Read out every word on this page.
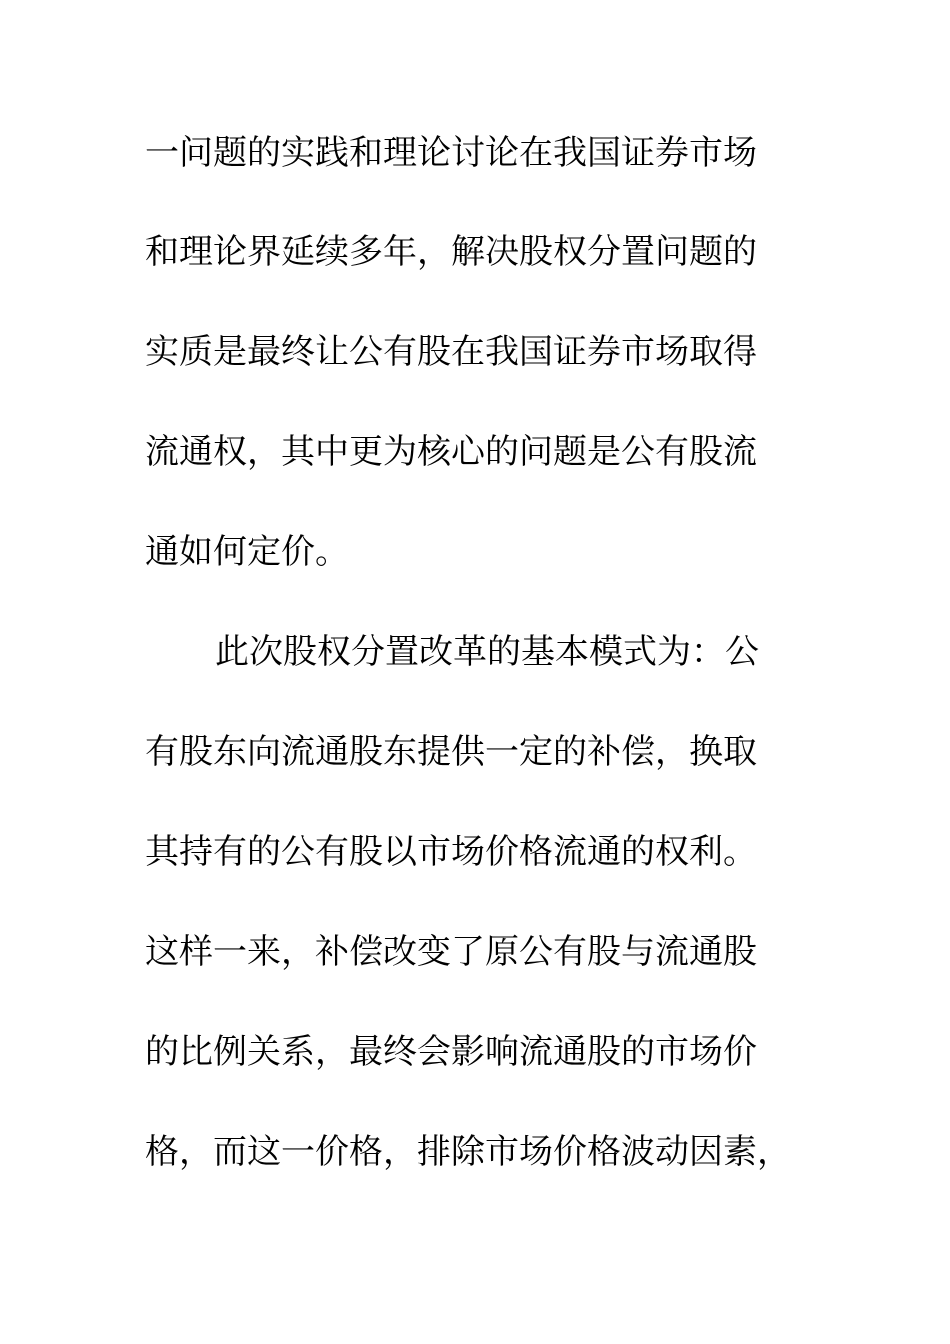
一问题的实践和理论讨论在我国证券市场
和理论界延续多年，解决股权分置问题的
实质是最终让公有股在我国证券市场取得
流通权，其中更为核心的问题是公有股流
通如何定价。
此次股权分置改革的基本模式为：公
有股东向流通股东提供一定的补偿，换取
其持有的公有股以市场价格流通的权利。
这样一来，补偿改变了原公有股与流通股
的比例关系，最终会影响流通股的市场价
格，而这一价格，排除市场价格波动因素，
